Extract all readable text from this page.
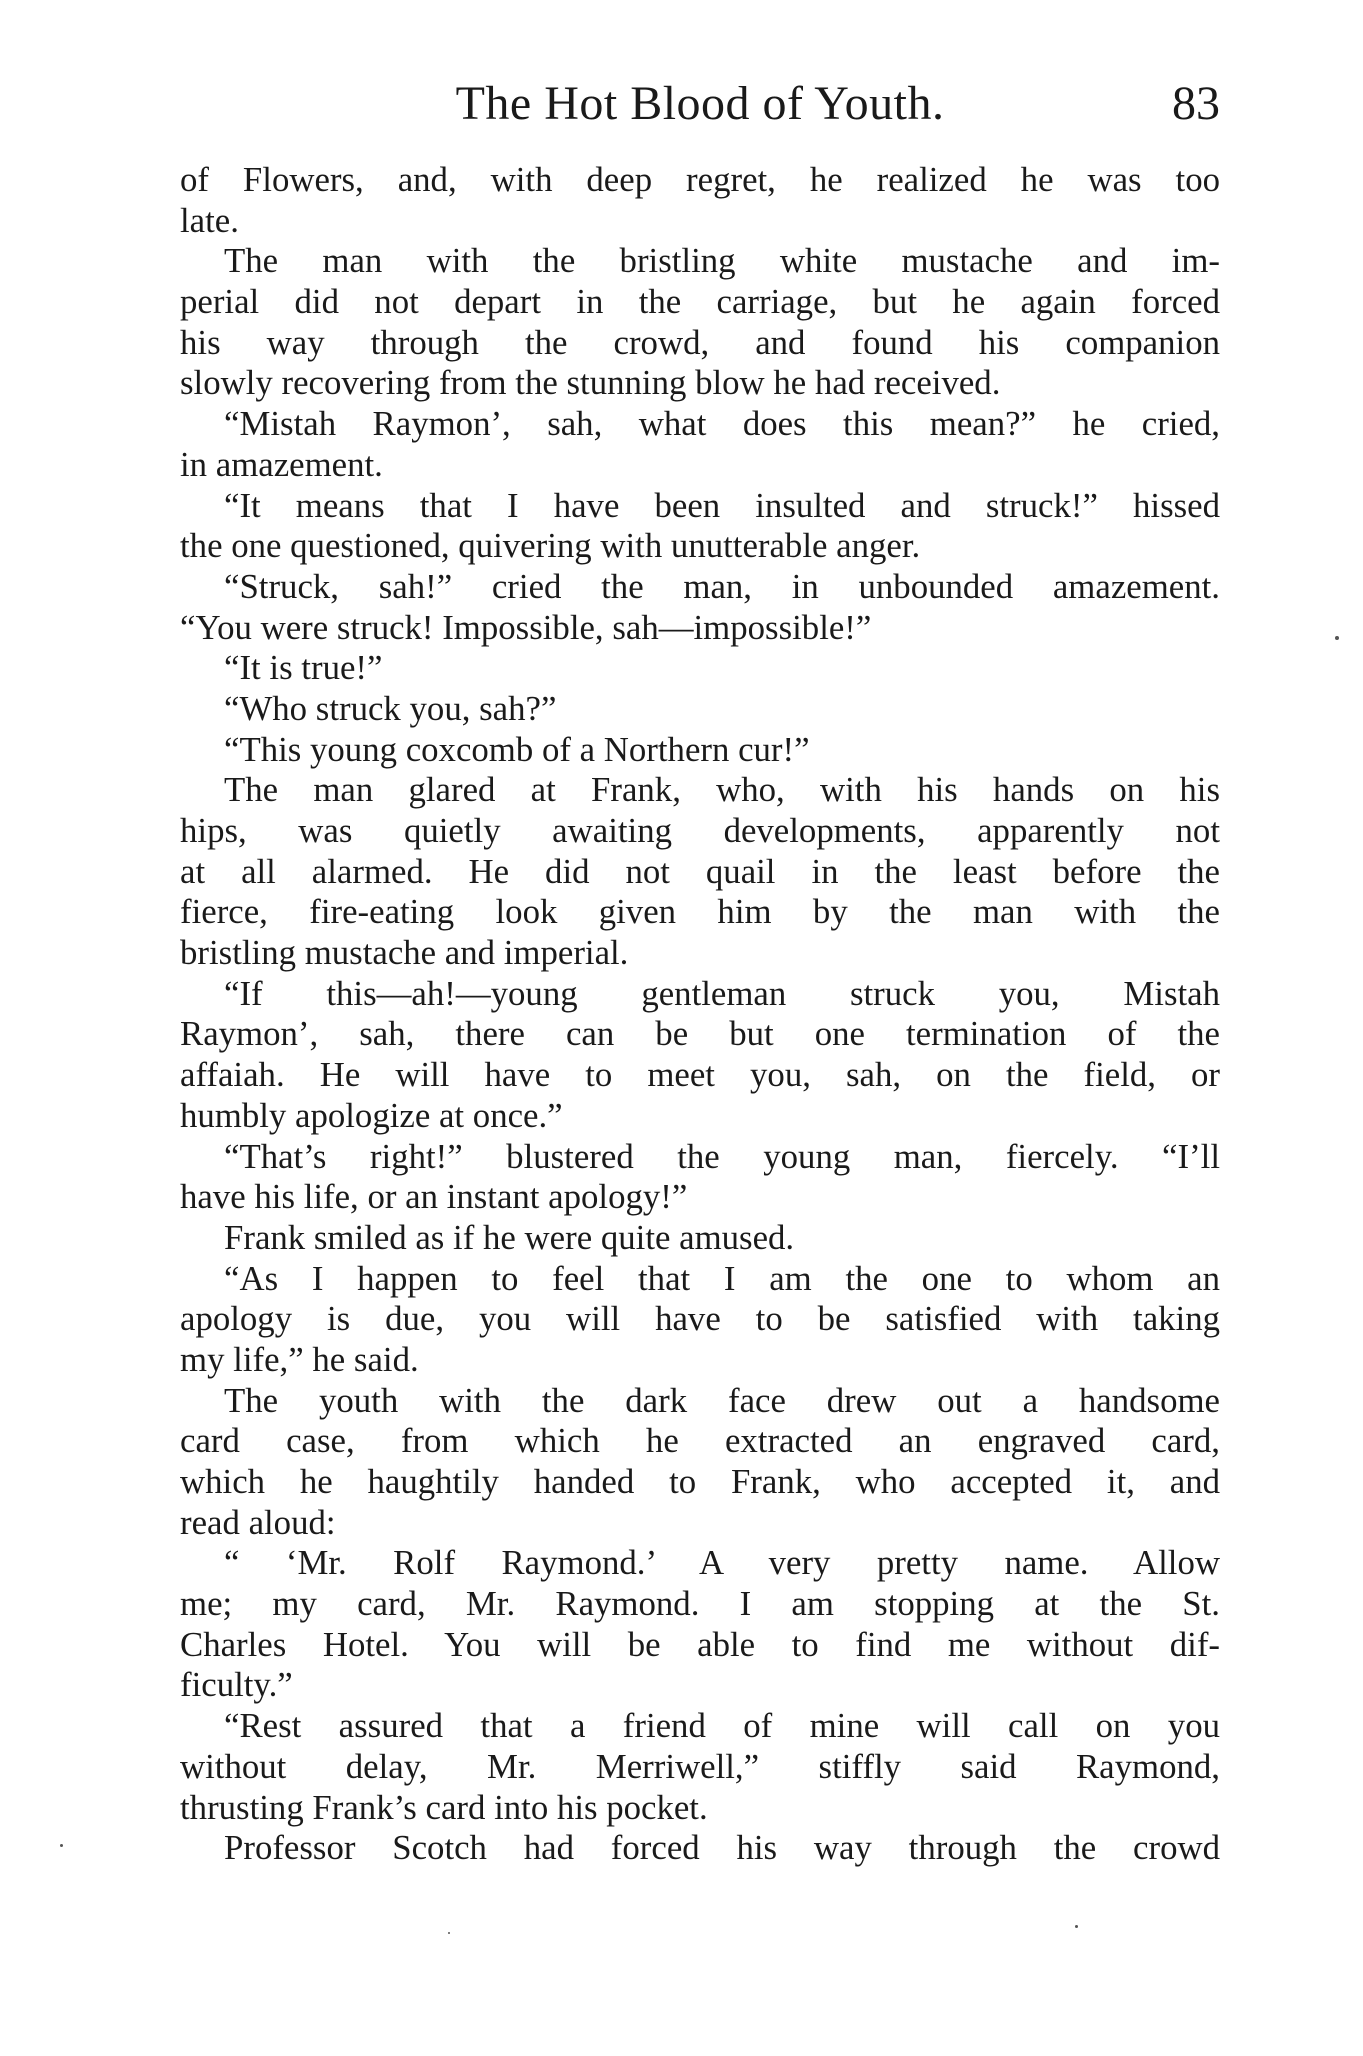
The Hot Blood of Youth.	83
of Flowers, and, with deep regret, he realized he was too
late.
The man with the bristling white mustache and im-
perial did not depart in the carriage, but he again forced
his way through the crowd, and found his companion
slowly recovering from the stunning blow he had received.
“Mistah Raymon’, sah, what does this mean?” he cried,
in amazement.
“It means that I have been insulted and struck!” hissed
the one questioned, quivering with unutterable anger.
“Struck, sah!” cried the man, in unbounded amazement.
“You were struck! Impossible, sah—impossible!”
“It is true!”
“Who struck you, sah?”
“This young coxcomb of a Northern cur!”
The man glared at Frank, who, with his hands on his
hips, was quietly awaiting developments, apparently not
at all alarmed. He did not quail in the least before the
fierce, fire-eating look given him by the man with the
bristling mustache and imperial.
“If this—ah!—young gentleman struck you, Mistah
Raymon’, sah, there can be but one termination of the
affaiah. He will have to meet you, sah, on the field, or
humbly apologize at once.”
“That’s right!” blustered the young man, fiercely. “I’ll
have his life, or an instant apology!”
Frank smiled as if he were quite amused.
“As I happen to feel that I am the one to whom an
apology is due, you will have to be satisfied with taking
my life,” he said.
The youth with the dark face drew out a handsome
card case, from which he extracted an engraved card,
which he haughtily handed to Frank, who accepted it, and
read aloud:
“ ‘Mr. Rolf Raymond.’ A very pretty name. Allow
me; my card, Mr. Raymond. I am stopping at the St.
Charles Hotel. You will be able to find me without dif-
ficulty.”
“Rest assured that a friend of mine will call on you
without delay, Mr. Merriwell,” stiffly said Raymond,
thrusting Frank’s card into his pocket.
Professor Scotch had forced his way through the crowd
